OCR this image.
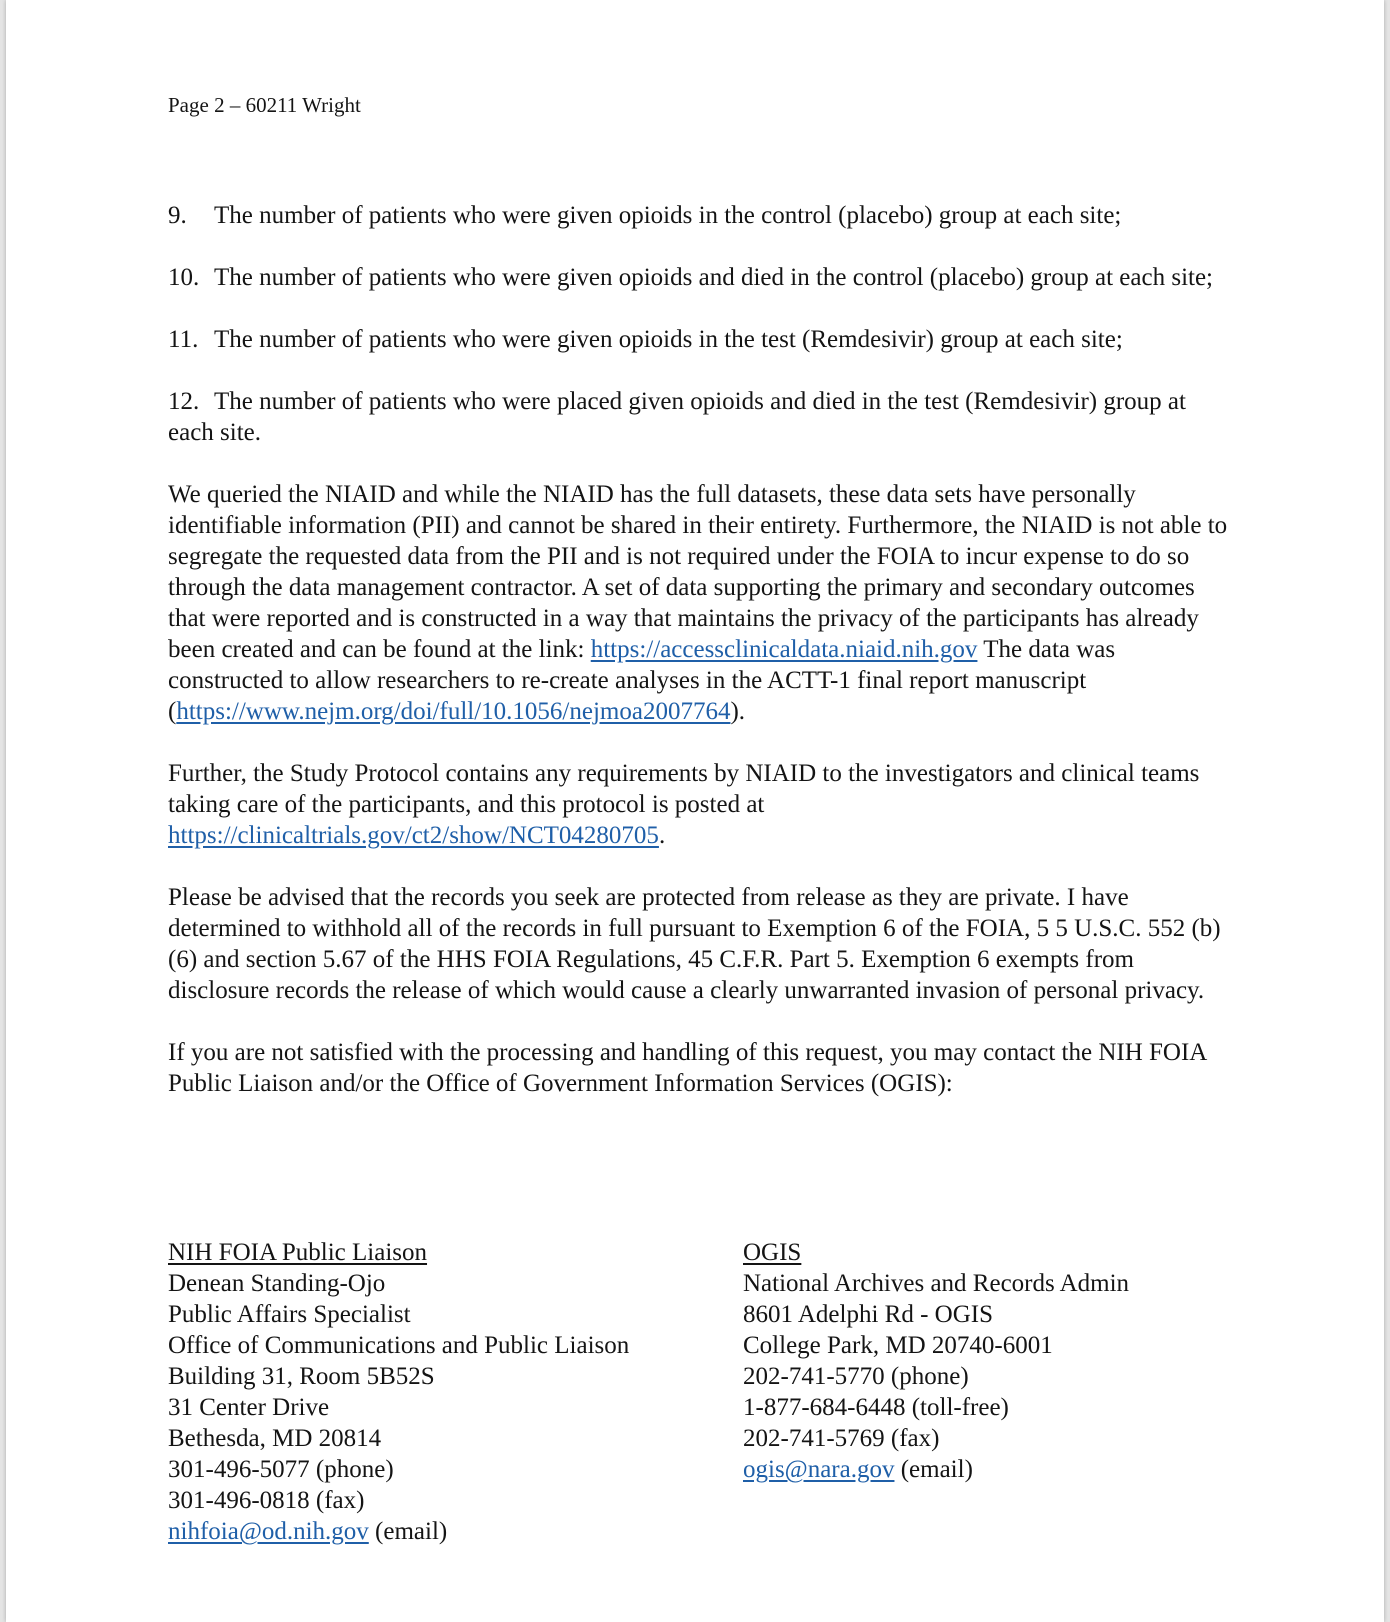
Page 2 – 60211 Wright

9. The number of patients who were given opioids in the control (placebo) group at each site;

10. The number of patients who were given opioids and died in the control (placebo) group at each site;

11. The number of patients who were given opioids in the test (Remdesivir) group at each site;

12. The number of patients who were placed given opioids and died in the test (Remdesivir) group at each site.

We queried the NIAID and while the NIAID has the full datasets, these data sets have personally identifiable information (PII) and cannot be shared in their entirety. Furthermore, the NIAID is not able to segregate the requested data from the PII and is not required under the FOIA to incur expense to do so through the data management contractor. A set of data supporting the primary and secondary outcomes that were reported and is constructed in a way that maintains the privacy of the participants has already been created and can be found at the link: https://accessclinicaldata.niaid.nih.gov The data was constructed to allow researchers to re-create analyses in the ACTT-1 final report manuscript (https://www.nejm.org/doi/full/10.1056/nejmoa2007764).

Further, the Study Protocol contains any requirements by NIAID to the investigators and clinical teams taking care of the participants, and this protocol is posted at https://clinicaltrials.gov/ct2/show/NCT04280705.

Please be advised that the records you seek are protected from release as they are private. I have determined to withhold all of the records in full pursuant to Exemption 6 of the FOIA, 5 5 U.S.C. 552 (b)(6) and section 5.67 of the HHS FOIA Regulations, 45 C.F.R. Part 5. Exemption 6 exempts from disclosure records the release of which would cause a clearly unwarranted invasion of personal privacy.

If you are not satisfied with the processing and handling of this request, you may contact the NIH FOIA Public Liaison and/or the Office of Government Information Services (OGIS):

NIH FOIA Public Liaison
Denean Standing-Ojo
Public Affairs Specialist
Office of Communications and Public Liaison
Building 31, Room 5B52S
31 Center Drive
Bethesda, MD 20814
301-496-5077 (phone)
301-496-0818 (fax)
nihfoia@od.nih.gov (email)
OGIS
National Archives and Records Admin
8601 Adelphi Rd - OGIS
College Park, MD 20740-6001
202-741-5770 (phone)
1-877-684-6448 (toll-free)
202-741-5769 (fax)
ogis@nara.gov (email)
